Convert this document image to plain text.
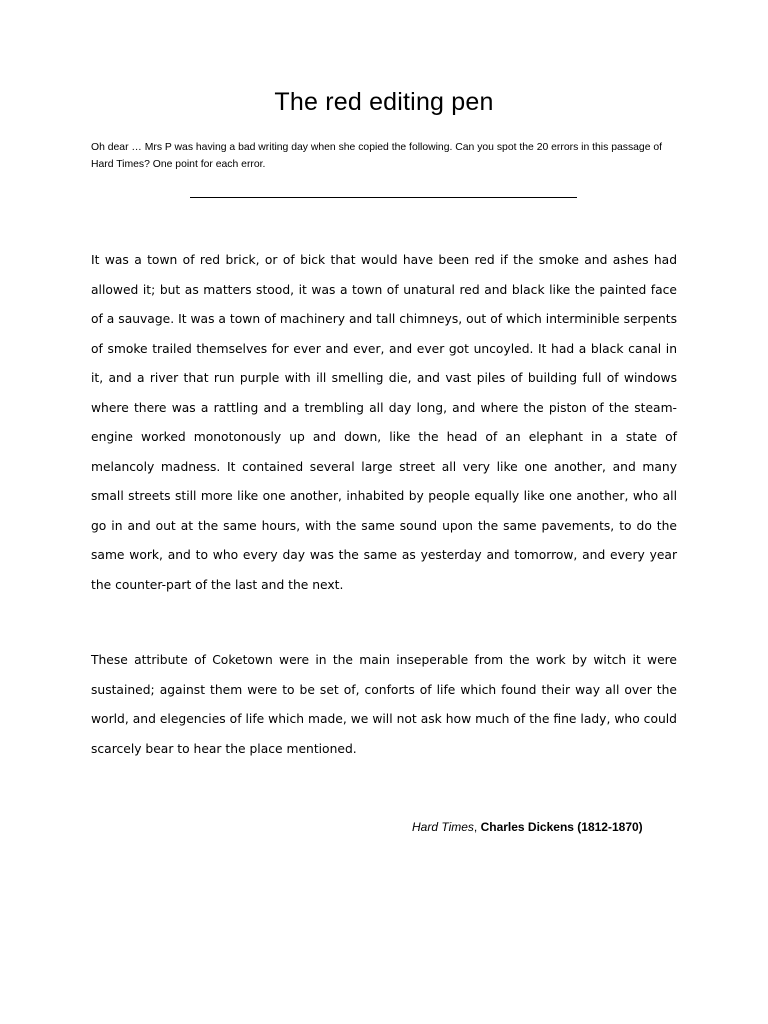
The red editing pen

Oh dear … Mrs P was having a bad writing day when she copied the following. Can you spot the 20 errors in this passage of Hard Times? One point for each error.

It was a town of red brick, or of bick that would have been red if the smoke and ashes had allowed it; but as matters stood, it was a town of unatural red and black like the painted face of a sauvage. It was a town of machinery and tall chimneys, out of which interminible serpents of smoke trailed themselves for ever and ever, and ever got uncoyled. It had a black canal in it, and a river that run purple with ill smelling die, and vast piles of building full of windows where there was a rattling and a trembling all day long, and where the piston of the steam-engine worked monotonously up and down, like the head of an elephant in a state of melancoly madness. It contained several large street all very like one another, and many small streets still more like one another, inhabited by people equally like one another, who all go in and out at the same hours, with the same sound upon the same pavements, to do the same work, and to who every day was the same as yesterday and tomorrow, and every year the counter-part of the last and the next.

These attribute of Coketown were in the main inseperable from the work by witch it were sustained; against them were to be set of, conforts of life which found their way all over the world, and elegencies of life which made, we will not ask how much of the fine lady, who could scarcely bear to hear the place mentioned.

Hard Times, Charles Dickens (1812-1870)
